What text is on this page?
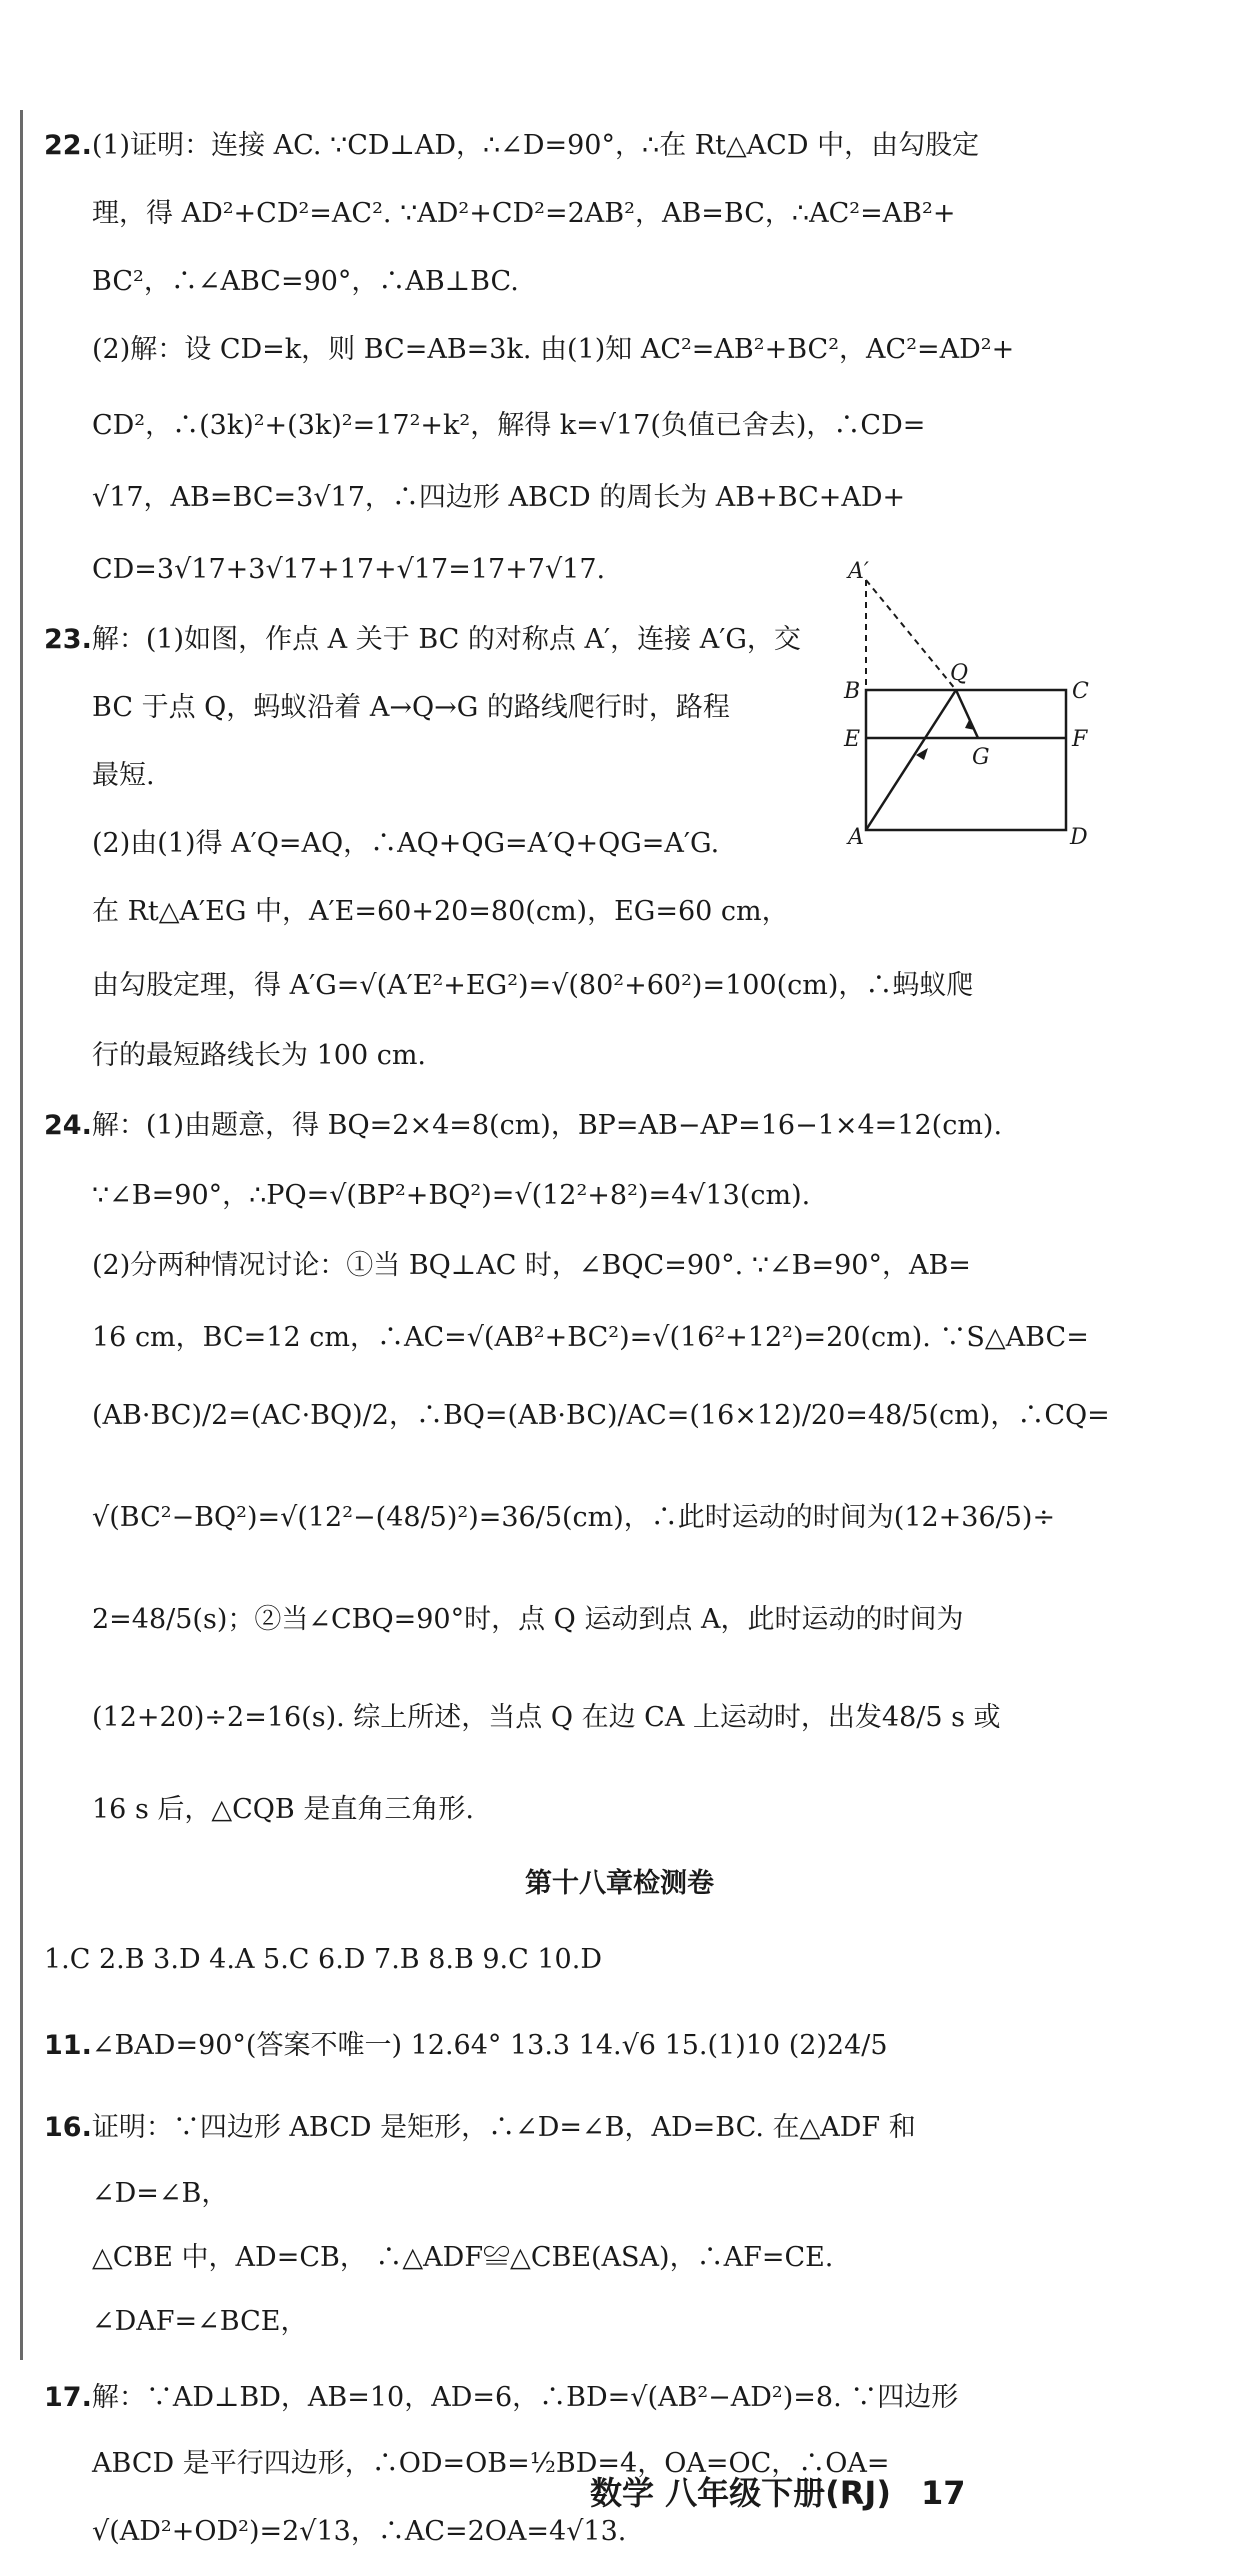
22.(1)证明：连接 AC. ∵CD⊥AD，∴∠D=90°，∴在 Rt△ACD 中，由勾股定
理，得 AD²+CD²=AC². ∵AD²+CD²=2AB²，AB=BC，∴AC²=AB²+
BC²，∴∠ABC=90°，∴AB⊥BC.
(2)解：设 CD=k，则 BC=AB=3k. 由(1)知 AC²=AB²+BC²，AC²=AD²+
CD²，∴(3k)²+(3k)²=17²+k²，解得 k=√17(负值已舍去)，∴CD=
√17，AB=BC=3√17，∴四边形 ABCD 的周长为 AB+BC+AD+
CD=3√17+3√17+17+√17=17+7√17.
23.解：(1)如图，作点 A 关于 BC 的对称点 A′，连接 A′G，交
BC 于点 Q，蚂蚁沿着 A→Q→G 的路线爬行时，路程
最短.
(2)由(1)得 A′Q=AQ，∴AQ+QG=A′Q+QG=A′G.
在 Rt△A′EG 中，A′E=60+20=80(cm)，EG=60 cm，
由勾股定理，得 A′G=√(A′E²+EG²)=√(80²+60²)=100(cm)，∴蚂蚁爬
行的最短路线长为 100 cm.
24.解：(1)由题意，得 BQ=2×4=8(cm)，BP=AB−AP=16−1×4=12(cm).
∵∠B=90°，∴PQ=√(BP²+BQ²)=√(12²+8²)=4√13(cm).
(2)分两种情况讨论：①当 BQ⊥AC 时，∠BQC=90°. ∵∠B=90°，AB=
16 cm，BC=12 cm，∴AC=√(AB²+BC²)=√(16²+12²)=20(cm). ∵S△ABC=
(AB·BC)/2=(AC·BQ)/2，∴BQ=(AB·BC)/AC=(16×12)/20=48/5(cm)，∴CQ=
√(BC²−BQ²)=√(12²−(48/5)²)=36/5(cm)，∴此时运动的时间为(12+36/5)÷
2=48/5(s)；②当∠CBQ=90°时，点 Q 运动到点 A，此时运动的时间为
(12+20)÷2=16(s). 综上所述，当点 Q 在边 CA 上运动时，出发48/5 s 或
16 s 后，△CQB 是直角三角形.
1.C 2.B 3.D 4.A 5.C 6.D 7.B 8.B 9.C 10.D
11.∠BAD=90°(答案不唯一) 12.64° 13.3 14.√6 15.(1)10 (2)24/5
16.证明：∵四边形 ABCD 是矩形，∴∠D=∠B，AD=BC. 在△ADF 和
∠D=∠B，
△CBE 中，AD=CB， ∴△ADF≌△CBE(ASA)，∴AF=CE.
∠DAF=∠BCE，
17.解：∵AD⊥BD，AB=10，AD=6，∴BD=√(AB²−AD²)=8. ∵四边形
ABCD 是平行四边形，∴OD=OB=½BD=4，OA=OC，∴OA=
√(AD²+OD²)=2√13，∴AC=2OA=4√13.
第十八章检测卷
A′
B	C
E	F
A	D
Q
G
数学 八年级下册(RJ) 17
